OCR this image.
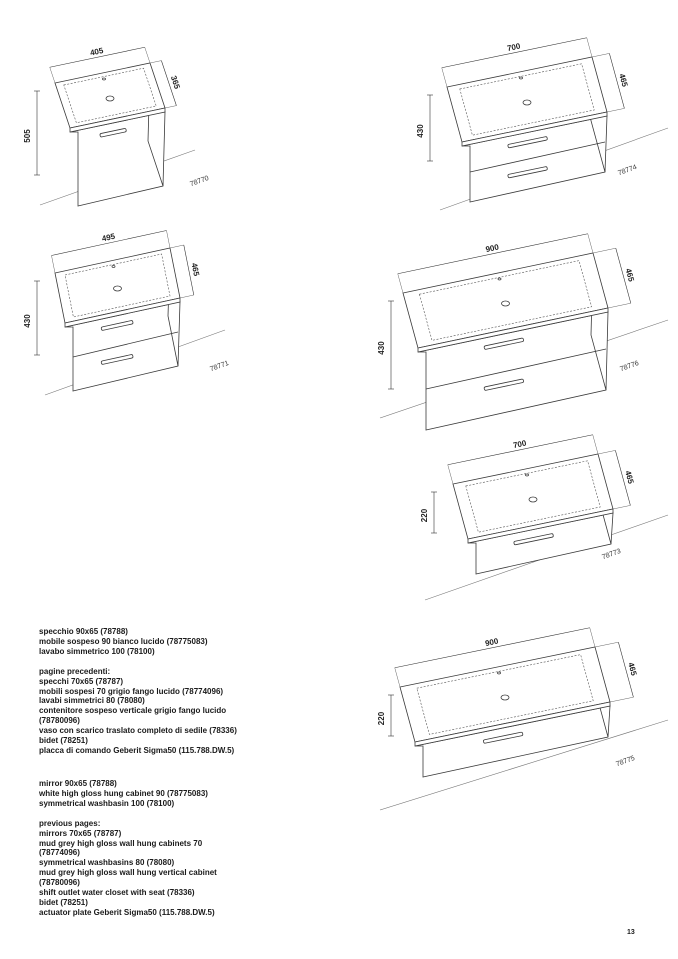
405
365
505
78770
700
465
430
78774
495
465
430
78771
900
465
430
78776
700
465
220
78773
900
465
220
78775
specchio 90x65 (78788)
mobile sospeso 90 bianco lucido (78775083)
lavabo simmetrico 100 (78100)
pagine precedenti:
specchi 70x65 (78787)
mobili sospesi 70 grigio fango lucido (78774096)
lavabi simmetrici 80 (78080)
contenitore sospeso verticale grigio fango lucido
(78780096)
vaso con scarico traslato completo di sedile (78336)
bidet (78251)
placca di comando Geberit Sigma50 (115.788.DW.5)
mirror 90x65 (78788)
white high gloss hung cabinet 90 (78775083)
symmetrical washbasin 100 (78100)
previous pages:
mirrors 70x65 (78787)
mud grey high gloss wall hung cabinets 70
(78774096)
symmetrical washbasins 80 (78080)
mud grey high gloss wall hung vertical cabinet
(78780096)
shift outlet water closet with seat (78336)
bidet (78251)
actuator plate Geberit Sigma50 (115.788.DW.5)
13
